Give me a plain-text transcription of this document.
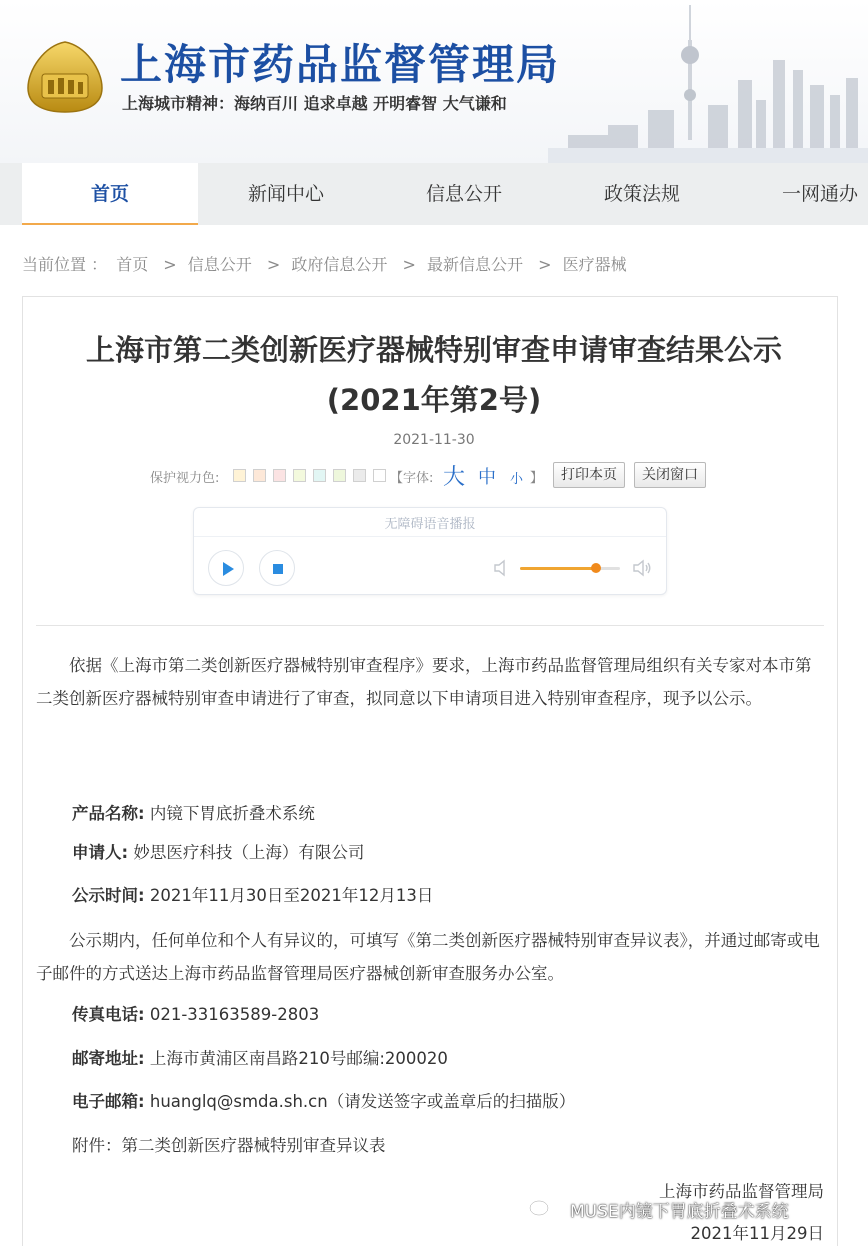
上海市药品监督管理局
上海城市精神：海纳百川 追求卓越 开明睿智 大气谦和
首页	新闻中心	信息公开	政策法规	一网通办
当前位置 ： 首页 > 信息公开 > 政府信息公开 > 最新信息公开 > 医疗器械
上海市第二类创新医疗器械特别审查申请审查结果公示
(2021年第2号)
2021-11-30
保护视力色:	【字体: 大 中 小 】	打印本页	关闭窗口
无障碍语音播报
依据《上海市第二类创新医疗器械特别审查程序》要求，上海市药品监督管理局组织有关专家对本市第二类创新医疗器械特别审查申请进行了审查，拟同意以下申请项目进入特别审查程序，现予以公示。
产品名称: 内镜下胃底折叠术系统
申请人: 妙思医疗科技（上海）有限公司
公示时间: 2021年11月30日至2021年12月13日
公示期内，任何单位和个人有异议的，可填写《第二类创新医疗器械特别审查异议表》，并通过邮寄或电子邮件的方式送达上海市药品监督管理局医疗器械创新审查服务办公室。
传真电话: 021-33163589-2803
邮寄地址: 上海市黄浦区南昌路210号邮编:200020
电子邮箱: huanglq@smda.sh.cn（请发送签字或盖章后的扫描版）
附件：第二类创新医疗器械特别审查异议表
上海市药品监督管理局
2021年11月29日
MUSE内镜下胃底折叠术系统
